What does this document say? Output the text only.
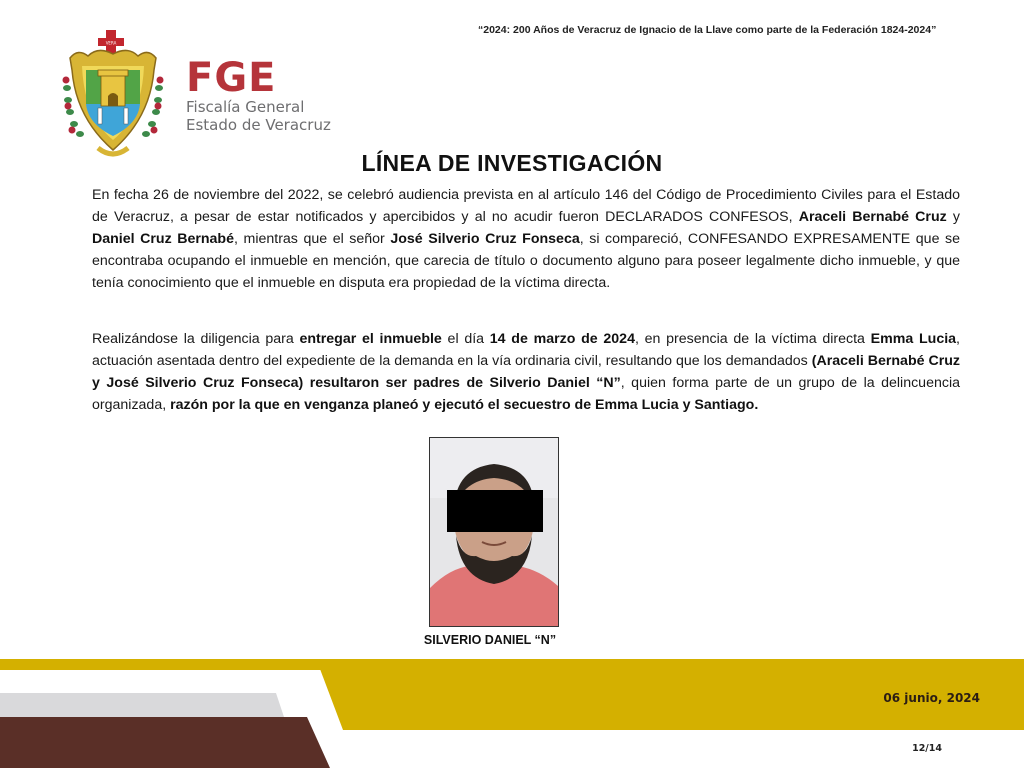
“2024: 200 Años de Veracruz de Ignacio de la Llave como parte de la Federación 1824-2024”
VERA
FGE
Fiscalía General
Estado de Veracruz
LÍNEA DE INVESTIGACIÓN
En fecha 26 de noviembre del 2022, se celebró audiencia prevista en al artículo 146 del Código de Procedimiento Civiles para el Estado de Veracruz, a pesar de estar notificados y apercibidos y al no acudir fueron DECLARADOS CONFESOS, Araceli Bernabé Cruz y Daniel Cruz Bernabé, mientras que el señor José Silverio Cruz Fonseca, si compareció, CONFESANDO EXPRESAMENTE que se encontraba ocupando el inmueble en mención, que carecia de título o documento alguno para poseer legalmente dicho inmueble, y que tenía conocimiento que el inmueble en disputa era propiedad de la víctima directa.
Realizándose la diligencia para entregar el inmueble el día 14 de marzo de 2024, en presencia de la víctima directa Emma Lucia, actuación asentada dentro del expediente de la demanda en la vía ordinaria civil, resultando que los demandados (Araceli Bernabé Cruz y José Silverio Cruz Fonseca) resultaron ser padres de Silverio Daniel “N”, quien forma parte de un grupo de la delincuencia organizada, razón por la que en venganza planeó y ejecutó el secuestro de Emma Lucia y Santiago.
SILVERIO DANIEL “N”
06 junio, 2024
12/14
